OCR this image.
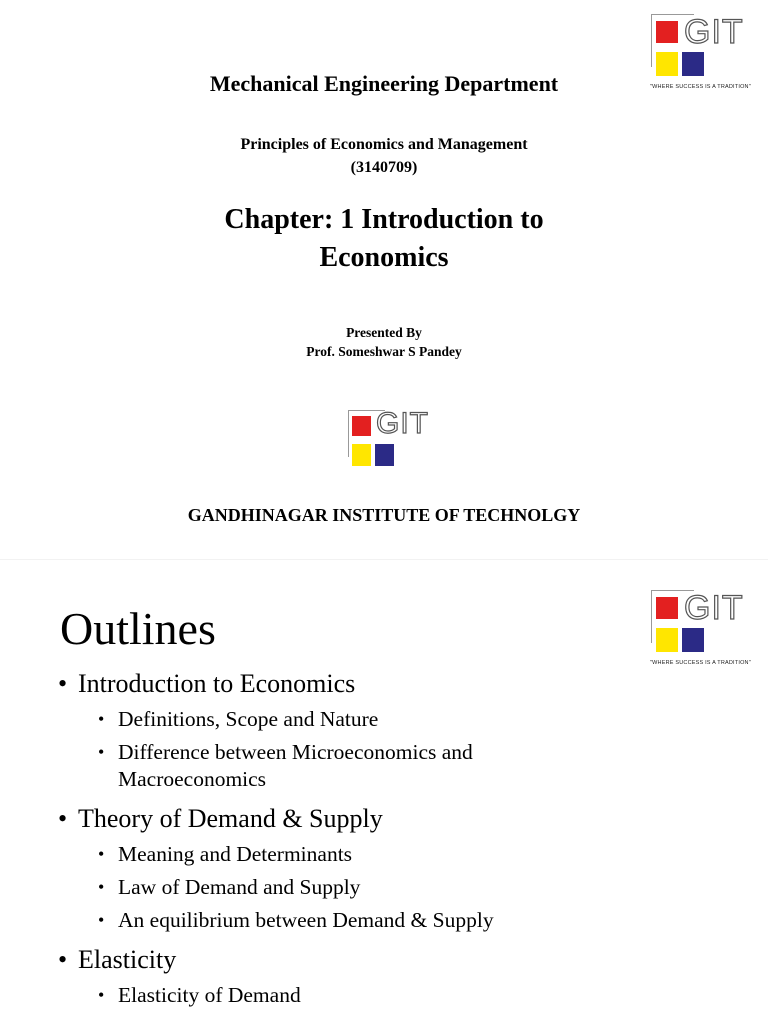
GIT
"WHERE SUCCESS IS A TRADITION"
Mechanical Engineering Department
Principles of Economics and Management
(3140709)
Chapter: 1 Introduction to
Economics
Presented By
Prof. Someshwar S Pandey
GIT
GANDHINAGAR INSTITUTE OF TECHNOLGY
Outlines	GIT
"WHERE SUCCESS IS A TRADITION"
• Introduction to Economics
• Definitions, Scope and Nature
• Difference between Microeconomics and Macroeconomics
• Theory of Demand & Supply
• Meaning and Determinants
• Law of Demand and Supply
• An equilibrium between Demand & Supply
• Elasticity
• Elasticity of Demand
